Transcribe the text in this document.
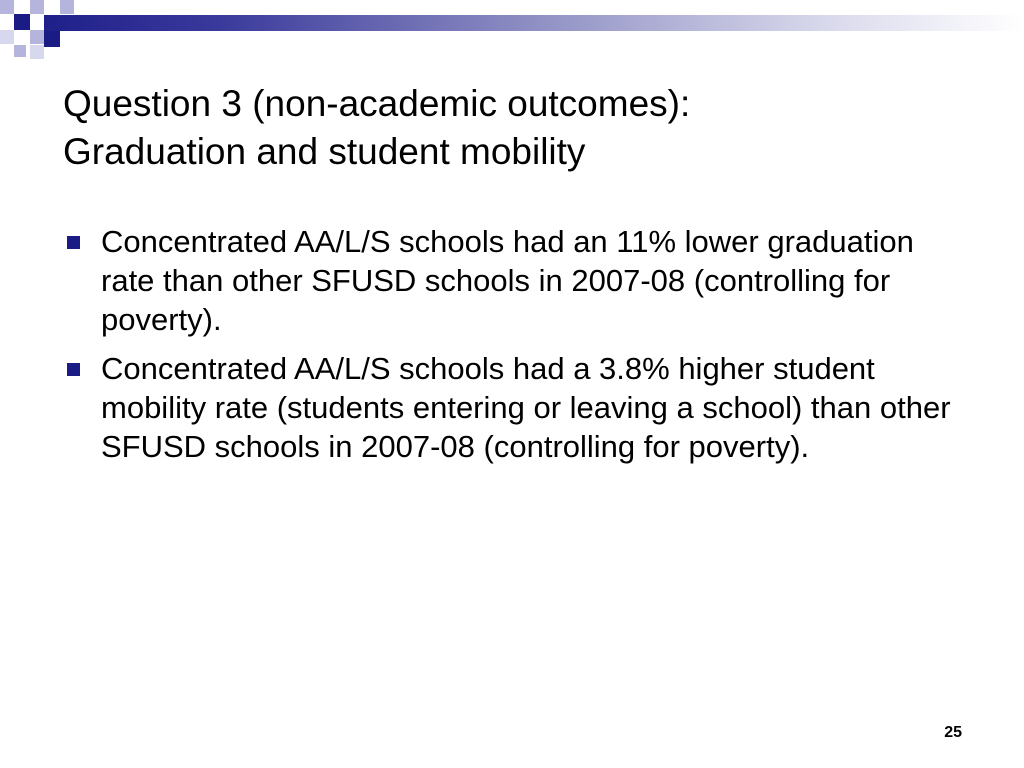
Question 3 (non-academic outcomes):
Graduation and student mobility
Concentrated AA/L/S schools had an 11% lower graduation rate than other SFUSD schools in 2007-08 (controlling for poverty).
Concentrated AA/L/S schools had a 3.8% higher student mobility rate (students entering or leaving a school) than other SFUSD schools in 2007-08 (controlling for poverty).
25
